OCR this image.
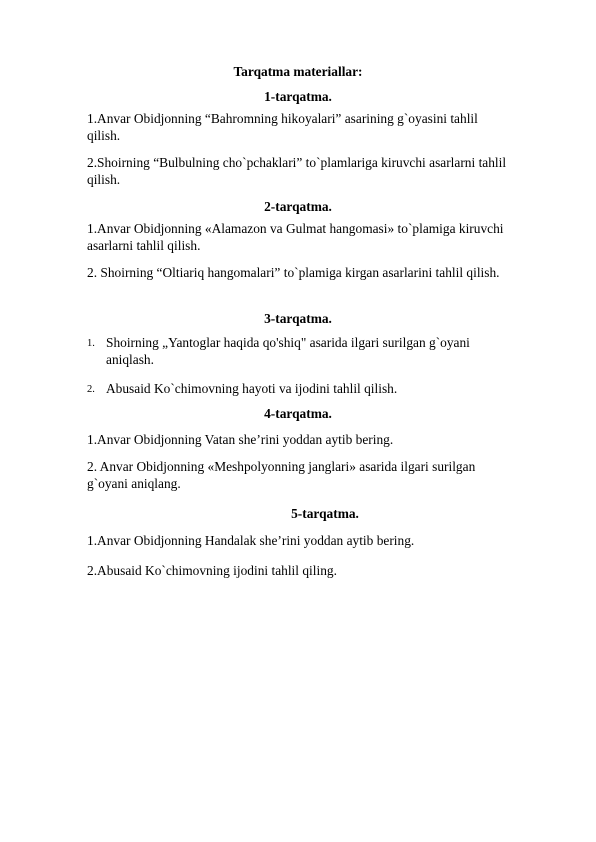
Tarqatma materiallar:
1-tarqatma.
1.Anvar Obidjonning “Bahromning hikoyalari” asarining g`oyasini tahlil qilish.
2.Shoirning “Bulbulning cho`pchaklari” to`plamlariga kiruvchi asarlarni tahlil qilish.
2-tarqatma.
1.Anvar Obidjonning «Alamazon va Gulmat hangomasi» to`plamiga kiruvchi asarlarni tahlil qilish.
2. Shoirning “Oltiariq hangomalari” to`plamiga kirgan asarlarini tahlil qilish.
3-tarqatma.
1. Shoirning „Yantoglar haqida qo'shiq" asarida ilgari surilgan g`oyani aniqlash.
2. Abusaid Ko`chimovning hayoti va ijodini tahlil qilish.
4-tarqatma.
1.Anvar Obidjonning Vatan she’rini yoddan aytib bering.
2. Anvar Obidjonning «Meshpolyonning janglari» asarida ilgari surilgan g`oyani aniqlang.
5-tarqatma.
1.Anvar Obidjonning Handalak she’rini yoddan aytib bering.
2.Abusaid Ko`chimovning ijodini tahlil qiling.
